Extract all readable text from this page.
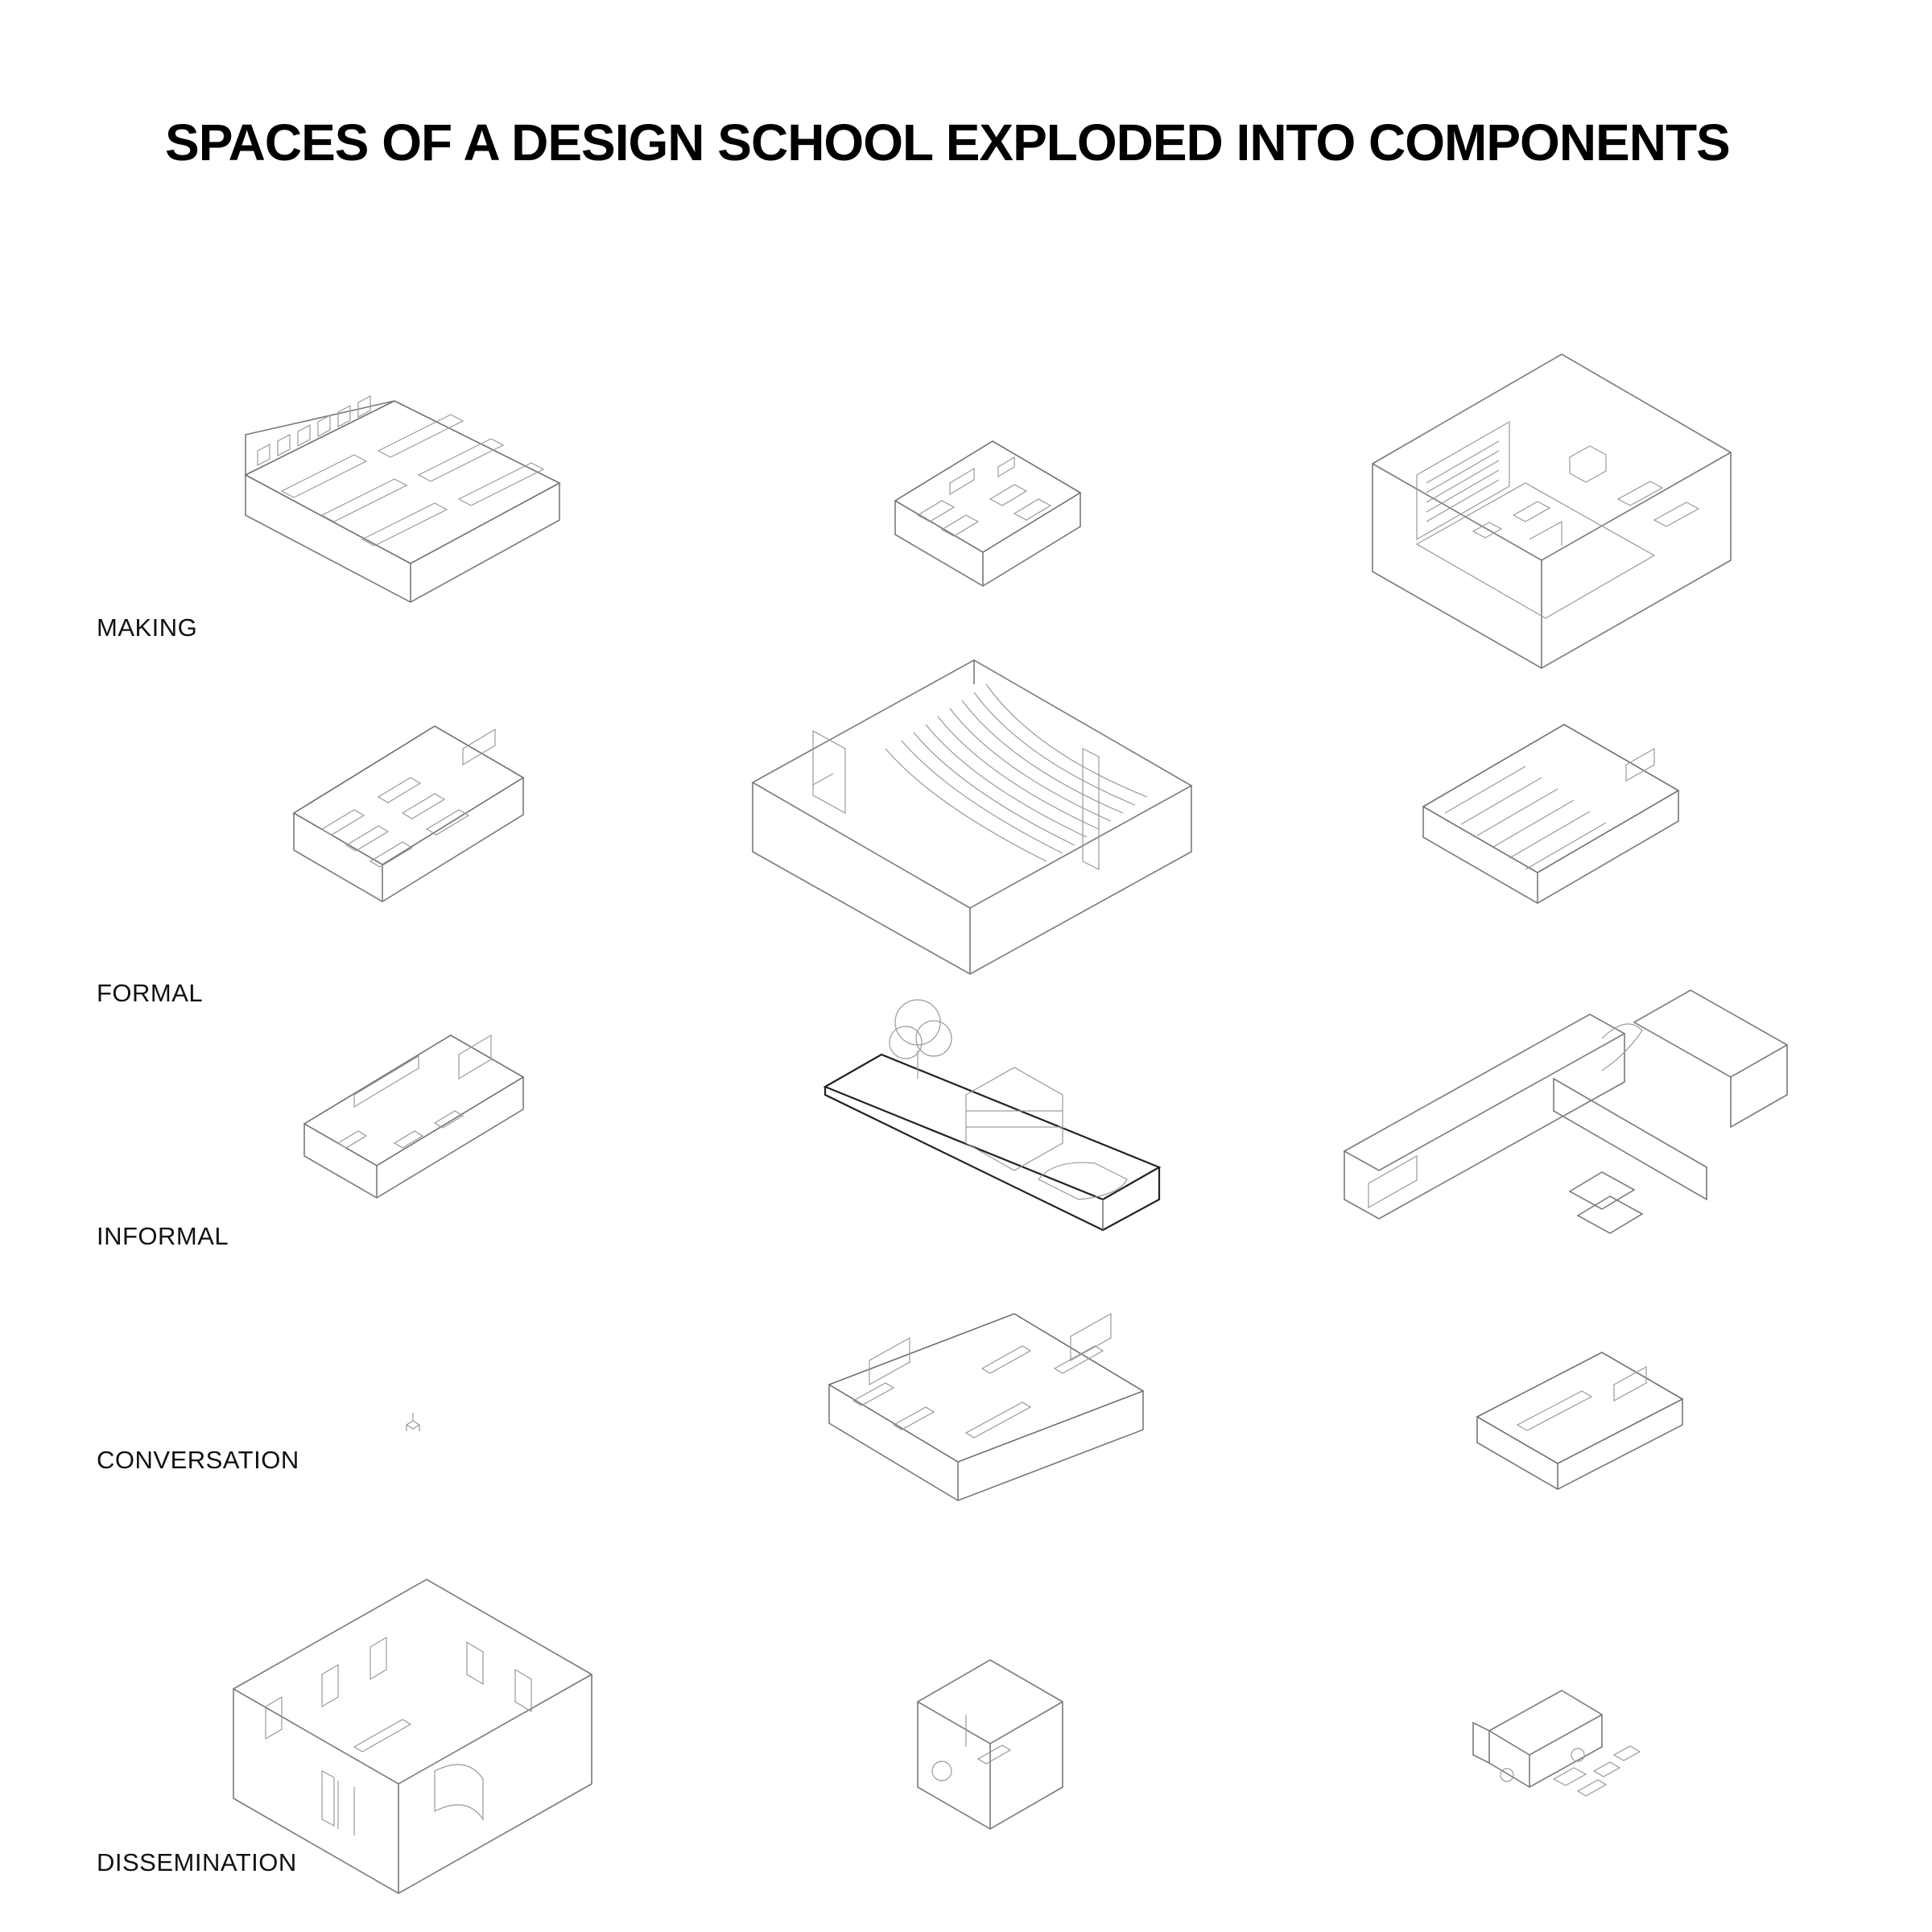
SPACES OF A DESIGN SCHOOL EXPLODED INTO COMPONENTS
MAKING
FORMAL
INFORMAL
CONVERSATION
DISSEMINATION
